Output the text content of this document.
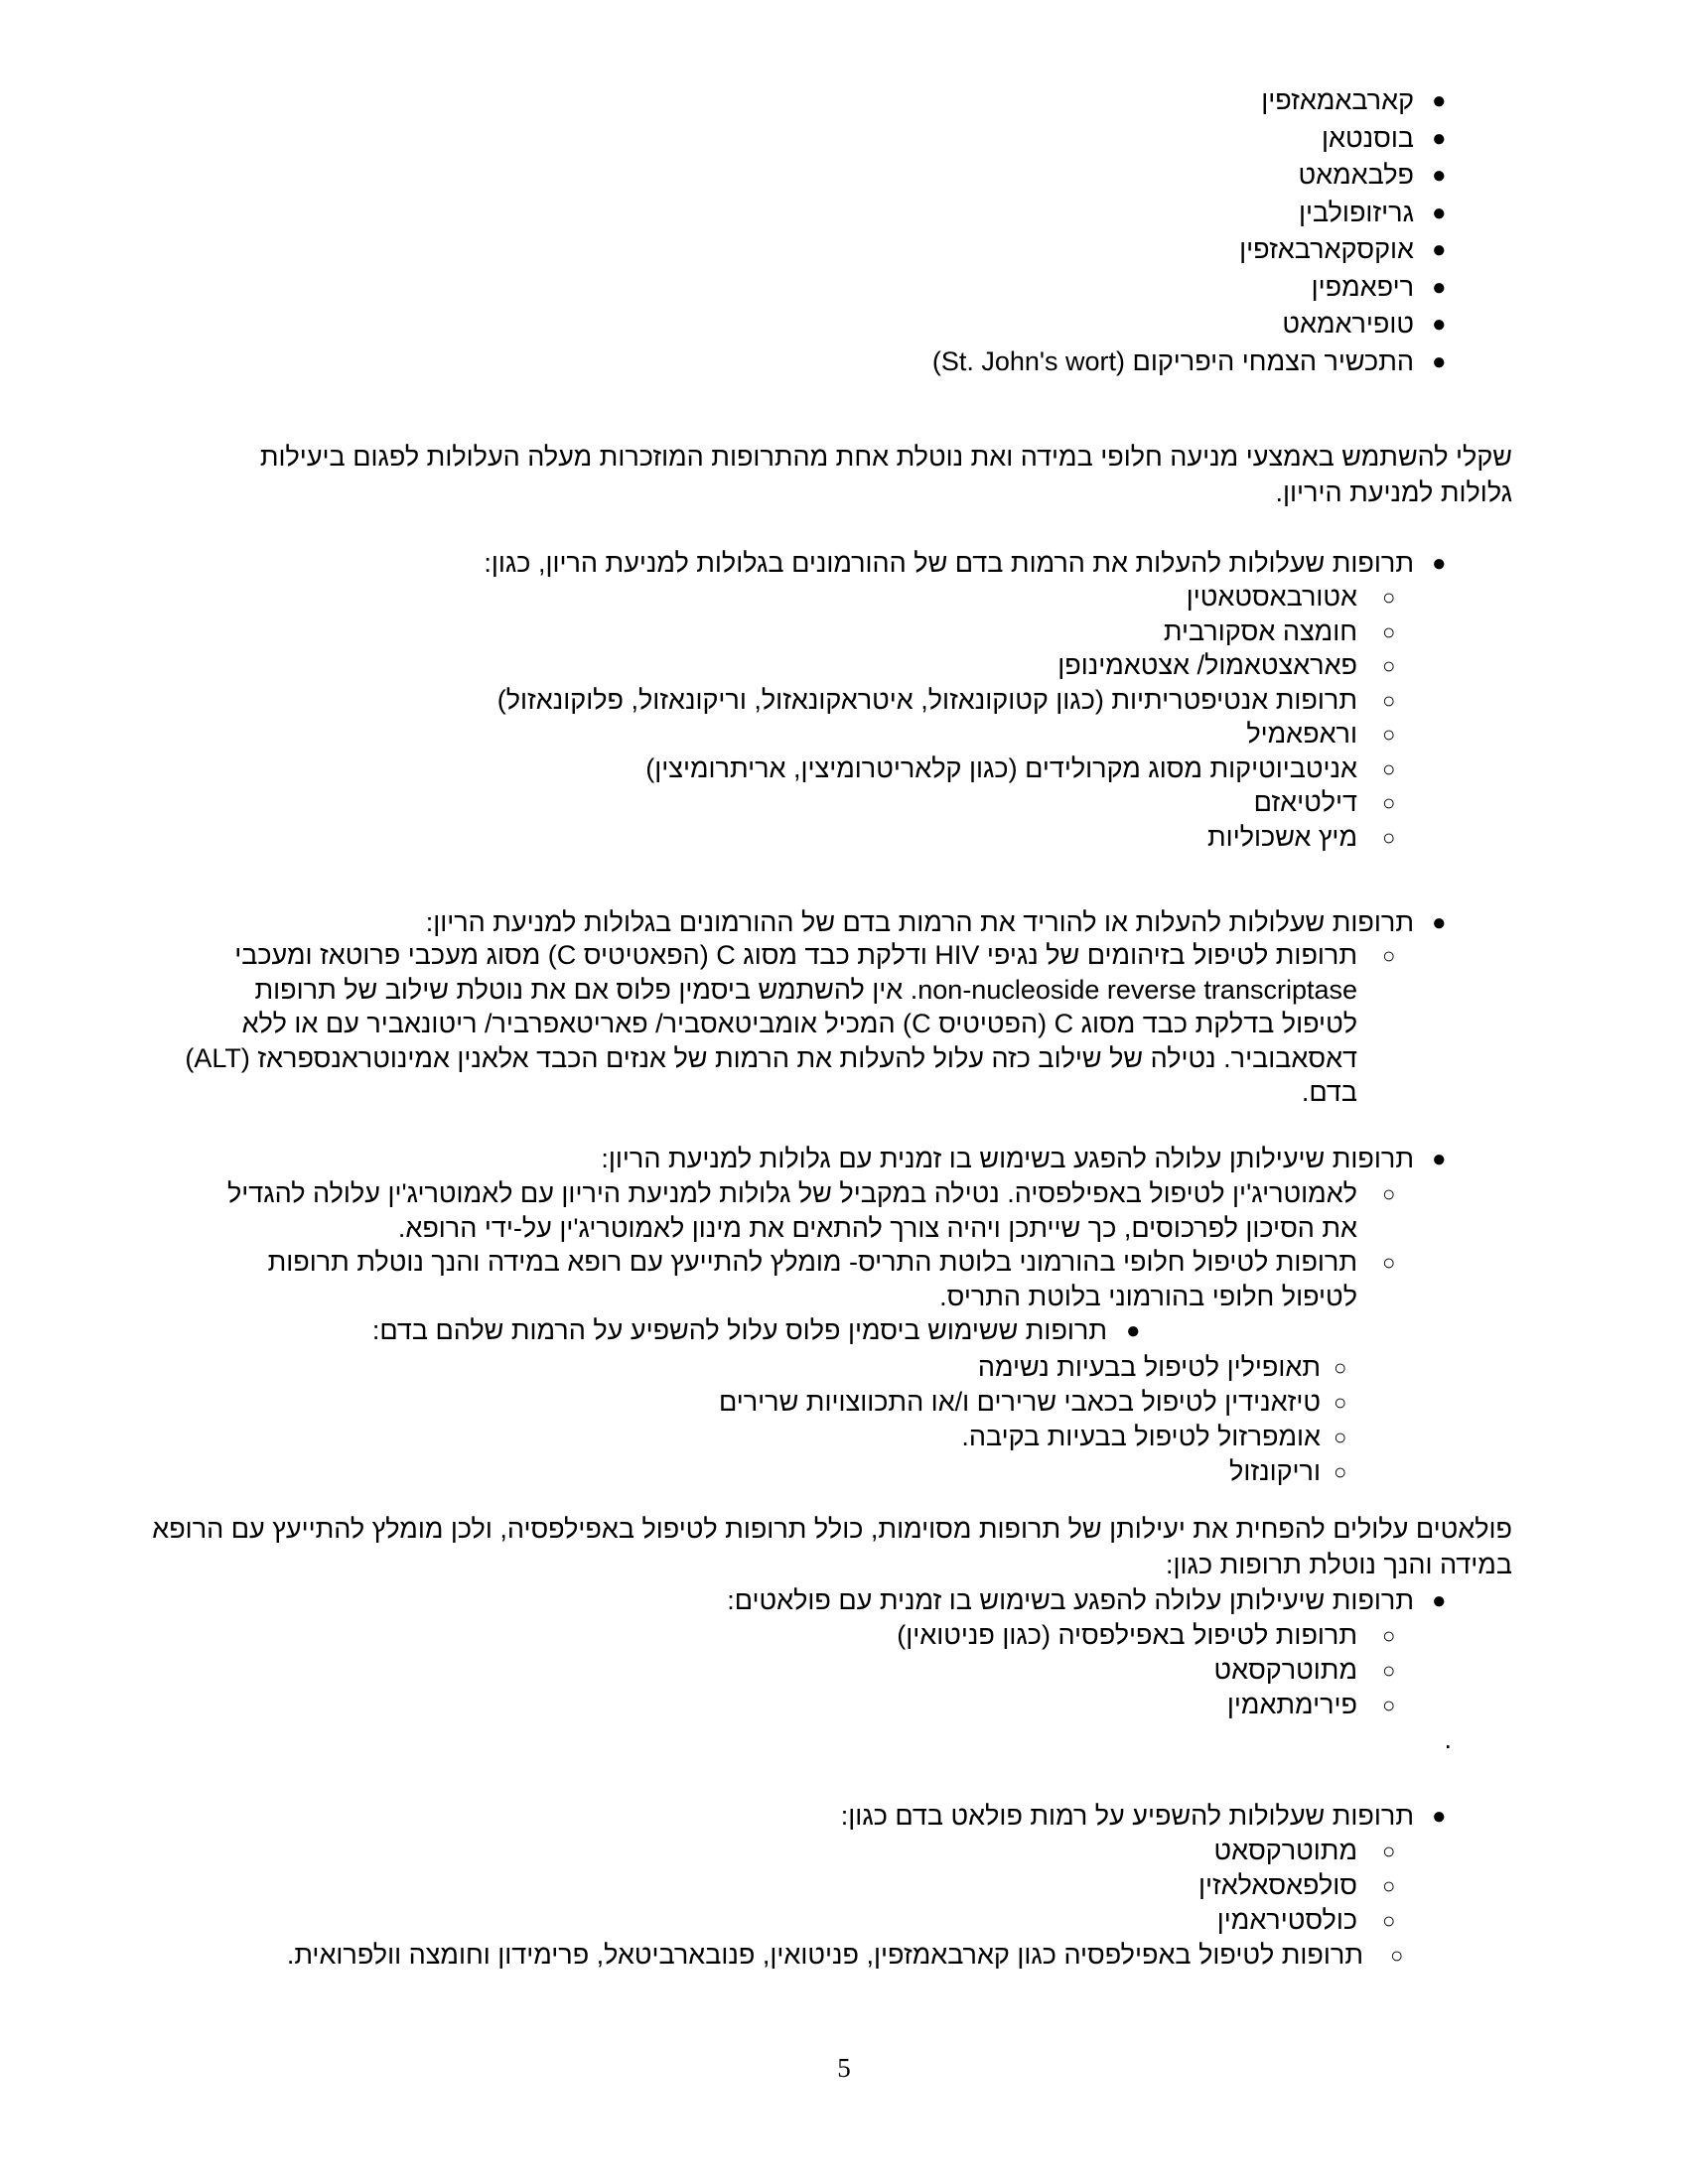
●
קארבאמאזפין
●
בוסנטאן
●
פלבאמאט
●
גריזופולבין
●
אוקסקארבאזפין
●
ריפאמפין
●
טופיראמאט
●
התכשיר הצמחי היפריקום (St. John's wort)
שקלי להשתמש באמצעי מניעה חלופי במידה ואת נוטלת אחת מהתרופות המוזכרות מעלה העלולות לפגום ביעילות גלולות למניעת היריון.
●
תרופות שעלולות להעלות את הרמות בדם של ההורמונים בגלולות למניעת הריון, כגון:
○
אטורבאסטאטין
○
חומצה אסקורבית
○
פאראצטאמול/ אצטאמינופן
○
תרופות אנטיפטריתיות (כגון קטוקונאזול, איטראקונאזול, וריקונאזול, פלוקונאזול)
○
וראפאמיל
○
אניטביוטיקות מסוג מקרולידים (כגון קלאריטרומיצין, אריתרומיצין)
○
דילטיאזם
○
מיץ אשכוליות
●
תרופות שעלולות להעלות או להוריד את הרמות בדם של ההורמונים בגלולות למניעת הריון:
○
תרופות לטיפול בזיהומים של נגיפי HIV ודלקת כבד מסוג C (הפאטיטיס C) מסוג מעכבי פרוטאז ומעכבי
non-nucleoside reverse transcriptase. אין להשתמש ביסמין פלוס אם את נוטלת שילוב של תרופות
לטיפול בדלקת כבד מסוג C (הפטיטיס C) המכיל אומביטאסביר/ פאריטאפרביר/ ריטונאביר עם או ללא
דאסאבוביר. נטילה של שילוב כזה עלול להעלות את הרמות של אנזים הכבד אלאנין אמינוטראנספראז (ALT)
בדם.
●
תרופות שיעילותן עלולה להפגע בשימוש בו זמנית עם גלולות למניעת הריון:
○
לאמוטריג'ין לטיפול באפילפסיה. נטילה במקביל של גלולות למניעת היריון עם לאמוטריג'ין עלולה להגדיל
את הסיכון לפרכוסים, כך שייתכן ויהיה צורך להתאים את מינון לאמוטריג'ין על-ידי הרופא.
○
תרופות לטיפול חלופי בהורמוני בלוטת התריס- מומלץ להתייעץ עם רופא במידה והנך נוטלת תרופות
לטיפול חלופי בהורמוני בלוטת התריס.
●
תרופות ששימוש ביסמין פלוס עלול להשפיע על הרמות שלהם בדם:
○
תאופילין לטיפול בבעיות נשימה
○
טיזאנידין לטיפול בכאבי שרירים ו/או התכווצויות שרירים
○
אומפרזול לטיפול בבעיות בקיבה.
○
וריקונזול
פולאטים עלולים להפחית את יעילותן של תרופות מסוימות, כולל תרופות לטיפול באפילפסיה, ולכן מומלץ להתייעץ עם הרופא במידה והנך נוטלת תרופות כגון:
●
תרופות שיעילותן עלולה להפגע בשימוש בו זמנית עם פולאטים:
○
תרופות לטיפול באפילפסיה (כגון פניטואין)
○
מתוטרקסאט
○
פירימתאמין
.
●
תרופות שעלולות להשפיע על רמות פולאט בדם כגון:
○
מתוטרקסאט
○
סולפאסאלאזין
○
כולסטיראמין
○
תרופות לטיפול באפילפסיה כגון קארבאמזפין, פניטואין, פנובארביטאל, פרימידון וחומצה וולפרואית.
5
